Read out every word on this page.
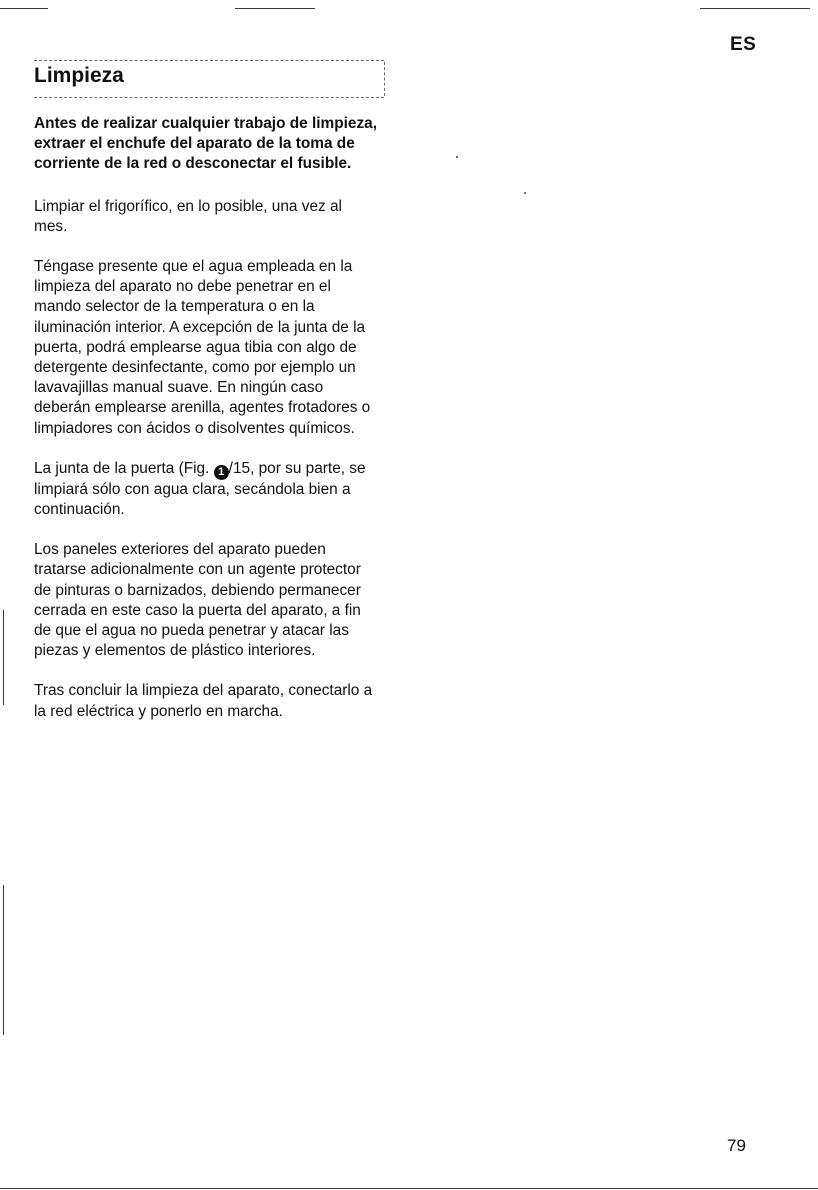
ES
Limpieza

Antes de realizar cualquier trabajo de limpieza, extraer el enchufe del aparato de la toma de corriente de la red o desconectar el fusible.

Limpiar el frigorífico, en lo posible, una vez al mes.

Téngase presente que el agua empleada en la limpieza del aparato no debe penetrar en el mando selector de la temperatura o en la iluminación interior. A excepción de la junta de la puerta, podrá emplearse agua tibia con algo de detergente desinfectante, como por ejemplo un lavavajillas manual suave. En ningún caso deberán emplearse arenilla, agentes frotadores o limpiadores con ácidos o disolventes químicos.

La junta de la puerta (Fig. 1 /15, por su parte, se limpiará sólo con agua clara, secándola bien a continuación.

Los paneles exteriores del aparato pueden tratarse adicionalmente con un agente protector de pinturas o barnizados, debiendo permanecer cerrada en este caso la puerta del aparato, a fin de que el agua no pueda penetrar y atacar las piezas y elementos de plástico interiores.

Tras concluir la limpieza del aparato, conectarlo a la red eléctrica y ponerlo en marcha.

79
